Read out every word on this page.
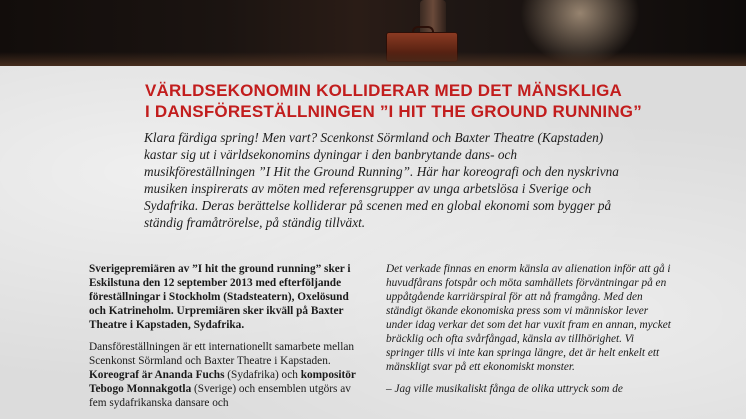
VÄRLDSEKONOMIN KOLLIDERAR MED DET MÄNSKLIGA
I DANSFÖRESTÄLLNINGEN ”I HIT THE GROUND RUNNING”

Klara färdiga spring! Men vart? Scenkonst Sörmland och Baxter Theatre (Kapstaden) kastar sig ut i världsekonomins dyningar i den banbrytande dans- och musikföreställningen ”I Hit the Ground Running”. Här har koreografi och den nyskrivna musiken inspirerats av möten med referensgrupper av unga arbetslösa i Sverige och Sydafrika. Deras berättelse kolliderar på scenen med en global ekonomi som bygger på ständig framåtrörelse, på ständig tillväxt.

Sverigepremiären av ”I hit the ground running” sker i Eskilstuna den 12 september 2013 med efterföljande föreställningar i Stockholm (Stadsteatern), Oxelösund och Katrineholm. Urpremiären sker ikväll på Baxter Theatre i Kapstaden, Sydafrika.

Dansföreställningen är ett internationellt samarbete mellan Scenkonst Sörmland och Baxter Theatre i Kapstaden. Koreograf är Ananda Fuchs (Sydafrika) och kompositör Tebogo Monnakgotla (Sverige) och ensemblen utgörs av fem sydafrikanska dansare och

Det verkade finnas en enorm känsla av alienation inför att gå i huvudfårans fotspår och möta samhällets förväntningar på en uppåtgående karriärspiral för att nå framgång. Med den ständigt ökande ekonomiska press som vi människor lever under idag verkar det som det har vuxit fram en annan, mycket bräcklig och ofta svårfångad, känsla av tillhörighet. Vi springer tills vi inte kan springa längre, det är helt enkelt ett mänskligt svar på ett ekonomiskt monster.

– Jag ville musikaliskt fånga de olika uttryck som de
